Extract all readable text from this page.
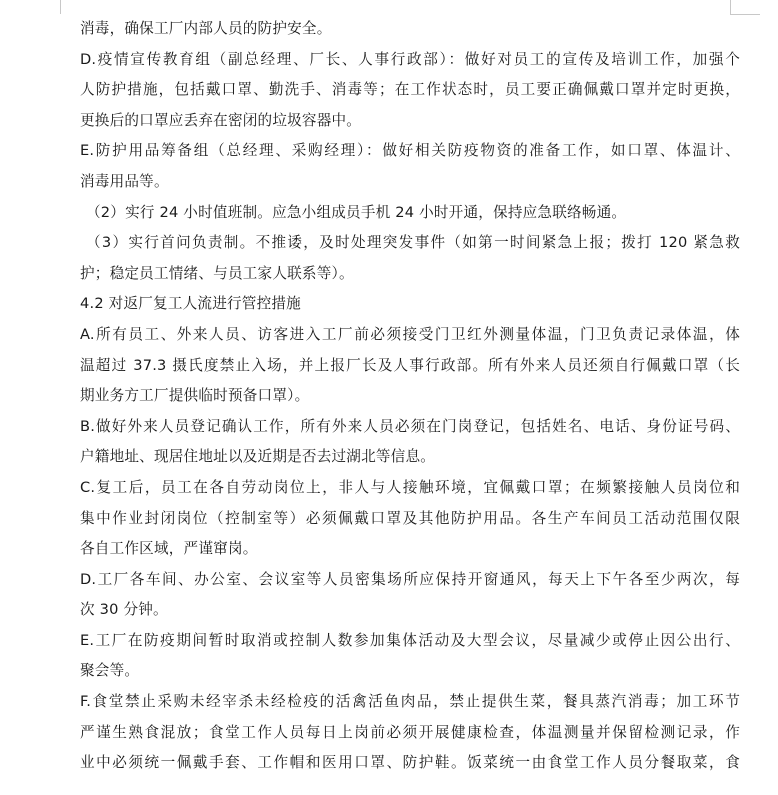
消毒，确保工厂内部人员的防护安全。
D.疫情宣传教育组（副总经理、厂长、人事行政部）：做好对员工的宣传及培训工作，加强个
人防护措施，包括戴口罩、勤洗手、消毒等；在工作状态时，员工要正确佩戴口罩并定时更换，
更换后的口罩应丢弃在密闭的垃圾容器中。
E.防护用品筹备组（总经理、采购经理）：做好相关防疫物资的准备工作，如口罩、体温计、
消毒用品等。
（2）实行 24 小时值班制。应急小组成员手机 24 小时开通，保持应急联络畅通。
（3）实行首问负责制。不推诿，及时处理突发事件（如第一时间紧急上报；拨打 120 紧急救
护；稳定员工情绪、与员工家人联系等）。
4.2 对返厂复工人流进行管控措施
A.所有员工、外来人员、访客进入工厂前必须接受门卫红外测量体温，门卫负责记录体温，体
温超过 37.3 摄氏度禁止入场，并上报厂长及人事行政部。所有外来人员还须自行佩戴口罩（长
期业务方工厂提供临时预备口罩）。
B.做好外来人员登记确认工作，所有外来人员必须在门岗登记，包括姓名、电话、身份证号码、
户籍地址、现居住地址以及近期是否去过湖北等信息。
C.复工后，员工在各自劳动岗位上，非人与人接触环境，宜佩戴口罩；在频繁接触人员岗位和
集中作业封闭岗位（控制室等）必须佩戴口罩及其他防护用品。各生产车间员工活动范围仅限
各自工作区域，严谨窜岗。
D.工厂各车间、办公室、会议室等人员密集场所应保持开窗通风，每天上下午各至少两次，每
次 30 分钟。
E.工厂在防疫期间暂时取消或控制人数参加集体活动及大型会议，尽量减少或停止因公出行、
聚会等。
F.食堂禁止采购未经宰杀未经检疫的活禽活鱼肉品，禁止提供生菜，餐具蒸汽消毒；加工环节
严谨生熟食混放；食堂工作人员每日上岗前必须开展健康检查，体温测量并保留检测记录，作
业中必须统一佩戴手套、工作帽和医用口罩、防护鞋。饭菜统一由食堂工作人员分餐取菜，食
